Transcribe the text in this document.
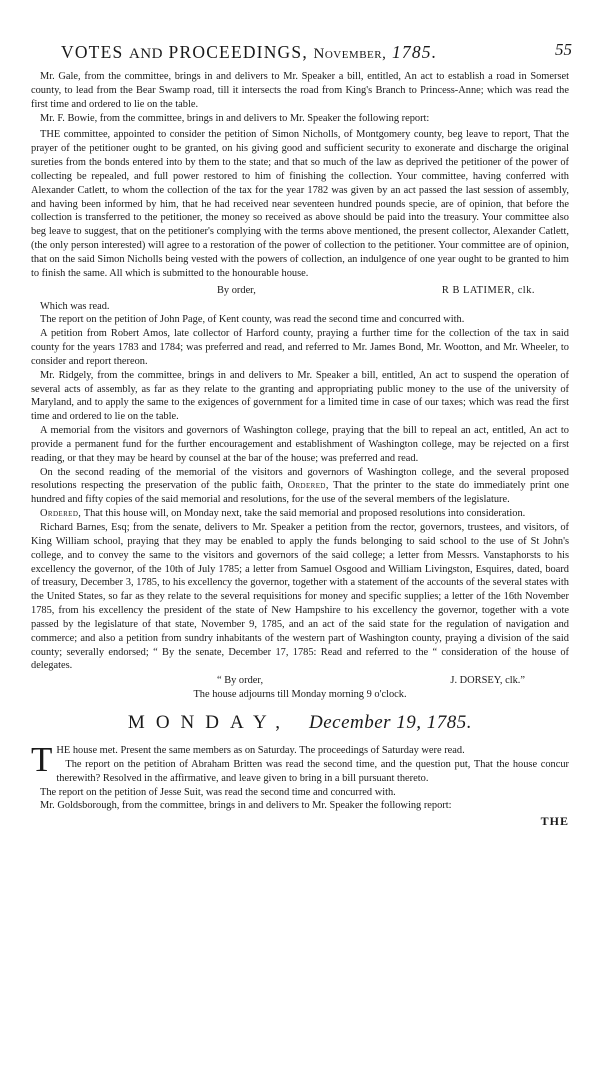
VOTES AND PROCEEDINGS, November, 1785.	55

Mr. Gale, from the committee, brings in and delivers to Mr. Speaker a bill, entitled, An act to establish a road in Somerset county, to lead from the Bear Swamp road, till it intersects the road from King's Branch to Princess-Anne; which was read the first time and ordered to lie on the table.

Mr. F. Bowie, from the committee, brings in and delivers to Mr. Speaker the following report:

THE committee, appointed to consider the petition of Simon Nicholls, of Montgomery county, beg leave to report, That the prayer of the petitioner ought to be granted, on his giving good and sufficient security to exonerate and discharge the original sureties from the bonds entered into by them to the state; and that so much of the law as deprived the petitioner of the power of collecting be repealed, and full power restored to him of finishing the collection. Your committee, having conferred with Alexander Catlett, to whom the collection of the tax for the year 1782 was given by an act passed the last session of assembly, and having been informed by him, that he had received near seventeen hundred pounds specie, are of opinion, that before the collection is transferred to the petitioner, the money so received as above should be paid into the treasury. Your committee also beg leave to suggest, that on the petitioner's complying with the terms above mentioned, the present collector, Alexander Catlett, (the only person interested) will agree to a restoration of the power of collection to the petitioner. Your committee are of opinion, that on the said Simon Nicholls being vested with the powers of collection, an indulgence of one year ought to be granted to him to finish the same. All which is submitted to the honourable house.

By order,	R B LATIMER, clk.

Which was read.

The report on the petition of John Page, of Kent county, was read the second time and concurred with.

A petition from Robert Amos, late collector of Harford county, praying a further time for the collection of the tax in said county for the years 1783 and 1784; was preferred and read, and referred to Mr. James Bond, Mr. Wootton, and Mr. Wheeler, to consider and report thereon.

Mr. Ridgely, from the committee, brings in and delivers to Mr. Speaker a bill, entitled, An act to suspend the operation of several acts of assembly, as far as they relate to the granting and appropriating public money to the use of the university of Maryland, and to apply the same to the exigences of government for a limited time in case of our taxes; which was read the first time and ordered to lie on the table.

A memorial from the visitors and governors of Washington college, praying that the bill to repeal an act, entitled, An act to provide a permanent fund for the further encouragement and establishment of Washington college, may be rejected on a first reading, or that they may be heard by counsel at the bar of the house; was preferred and read.

On the second reading of the memorial of the visitors and governors of Washington college, and the several proposed resolutions respecting the preservation of the public faith, Ordered, That the printer to the state do immediately print one hundred and fifty copies of the said memorial and resolutions, for the use of the several members of the legislature.

Ordered, That this house will, on Monday next, take the said memorial and proposed resolutions into consideration.

Richard Barnes, Esq; from the senate, delivers to Mr. Speaker a petition from the rector, governors, trustees, and visitors, of King William school, praying that they may be enabled to apply the funds belonging to said school to the use of St John's college, and to convey the same to the visitors and governors of the said college; a letter from Messrs. Vanstaphorsts to his excellency the governor, of the 10th of July 1785; a letter from Samuel Osgood and William Livingston, Esquires, dated, board of treasury, December 3, 1785, to his excellency the governor, together with a statement of the accounts of the several states with the United States, so far as they relate to the several requisitions for money and specific supplies; a letter of the 16th November 1785, from his excellency the president of the state of New Hampshire to his excellency the governor, together with a vote passed by the legislature of that state, November 9, 1785, and an act of the said state for the regulation of navigation and commerce; and also a petition from sundry inhabitants of the western part of Washington county, praying a division of the said county; severally endorsed; “ By the senate, December 17, 1785: Read and referred to the “ consideration of the house of delegates.

“ By order,	J. DORSEY, clk.”

The house adjourns till Monday morning 9 o'clock.

MONDAY, December 19, 1785.

THE house met. Present the same members as on Saturday. The proceedings of Saturday were read.

The report on the petition of Abraham Britten was read the second time, and the question put, That the house concur therewith? Resolved in the affirmative, and leave given to bring in a bill pursuant thereto.

The report on the petition of Jesse Suit, was read the second time and concurred with.

Mr. Goldsborough, from the committee, brings in and delivers to Mr. Speaker the following report:

THE
